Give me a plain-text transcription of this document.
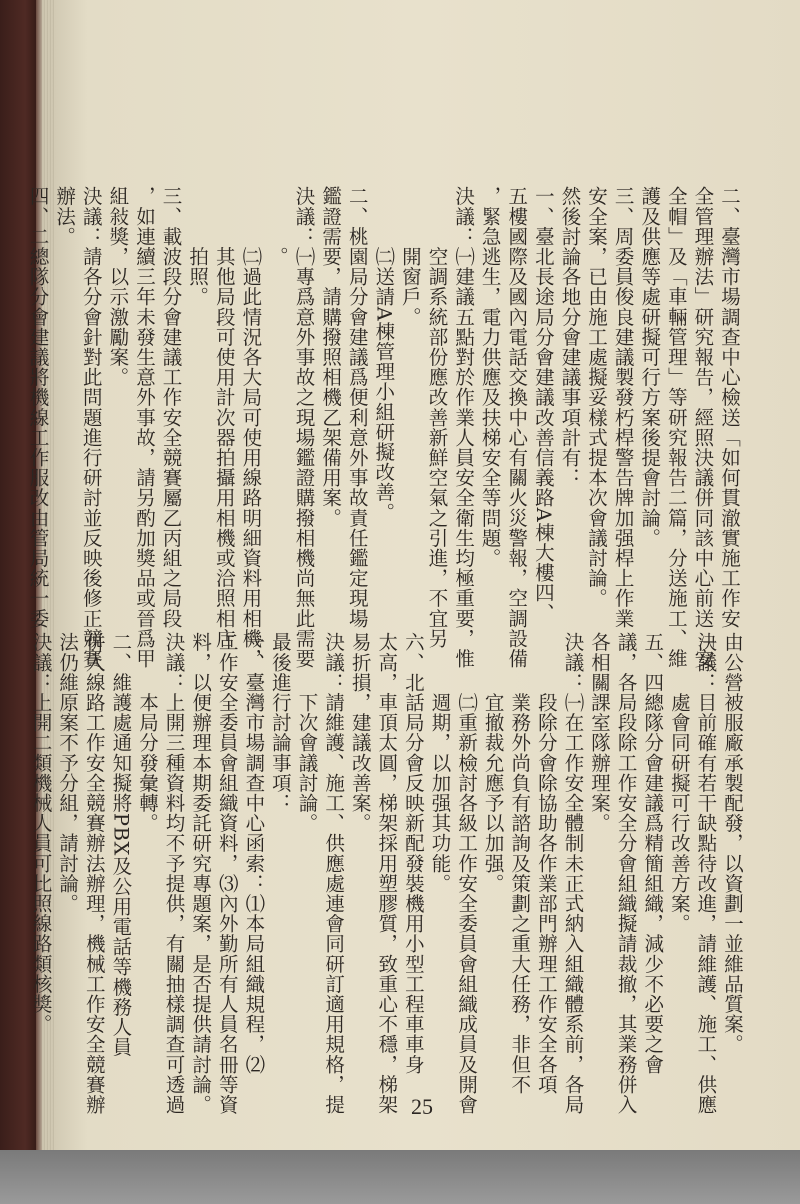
二、臺灣市場調查中心檢送「如何貫澈實施工作安
全管理辦法」研究報告，經照決議併同該中心前送「安
全帽」及「車輛管理」等研究報告二篇，分送施工、維
護及供應等處研擬可行方案後提會討論。
三、周委員俊良建議製發朽桿警告牌加强桿上作業
安全案，已由施工處擬妥樣式提本次會議討論。
然後討論各地分會建議事項計有：
一、臺北長途局分會建議改善信義路A棟大樓四、
五樓國際及國內電話交換中心有關火災警報，空調設備
，緊急逃生，電力供應及扶梯安全等問題。
決議：㈠建議五點對於作業人員安全衛生均極重要，惟
　　　空調系統部份應改善新鮮空氣之引進，不宜另
　　　開窗戶。
　　　㈡送請A棟管理小組研擬改善。
二、桃園局分會建議爲便利意外事故責任鑑定現場
鑑證需要，請購撥照相機乙架備用案。
決議：㈠專爲意外事故之現場鑑證購撥相機尚無此需要
　　　。
　　　㈡過此情況各大局可使用線路明細資料用相機，
　　　其他局段可使用計次器拍攝用相機或洽照相店
　　　拍照。
三、載波段分會建議工作安全競賽屬乙丙組之局段
，如連續三年未發生意外事故，請另酌加獎品或晉爲甲
組敍獎，以示激勵案。
決議：請各分會針對此問題進行研討並反映後修正競賽
辦法。
四、二總隊分會建議將機線工作服改由管局統一委
由公營被服廠承製配發，以資劃一並維品質案。
決議：目前確有若干缺點待改進，請維護、施工、供應
　　　處會同研擬可行改善方案。
五、四總隊分會建議爲精簡組織，減少不必要之會
議，各局段除工作安全分會組織擬請裁撤，其業務併入
各相關課室隊辦理案。
決議：㈠在工作安全體制未正式納入組織體系前，各局
　　　段除分會除協助各作業部門辦理工作安全各項
　　　業務外尚負有諮詢及策劃之重大任務，非但不
　　　宜撤裁允應予以加强。
　　　㈡重新檢討各級工作安全委員會組織成員及開會
　　　週期，以加强其功能。
六、北話局分會反映新配發裝機用小型工程車車身
太高，車頂太圓，梯架採用塑膠質，致重心不穩，梯架
易折損，建議改善案。
決議：請維護、施工、供應處連會同研訂適用規格，提
　　　下次會議討論。
最後進行討論事項：
一、臺灣市場調查中心函索：⑴本局組織規程，⑵
工作安全委員會組織資料，⑶內外勤所有人員名冊等資
料，以便辦理本期委託研究專題案，是否提供請討論。
決議：上開三種資料均不予提供，有關抽樣調查可透過
　　　本局分發彙轉。
二、維護處通知擬將PBX及公用電話等機務人員
併入線路工作安全競賽辦法辦理，機械工作安全競賽辦
法仍維原案不予分組，請討論。
決議：上開二類機械人員可比照線路類核獎。
25
